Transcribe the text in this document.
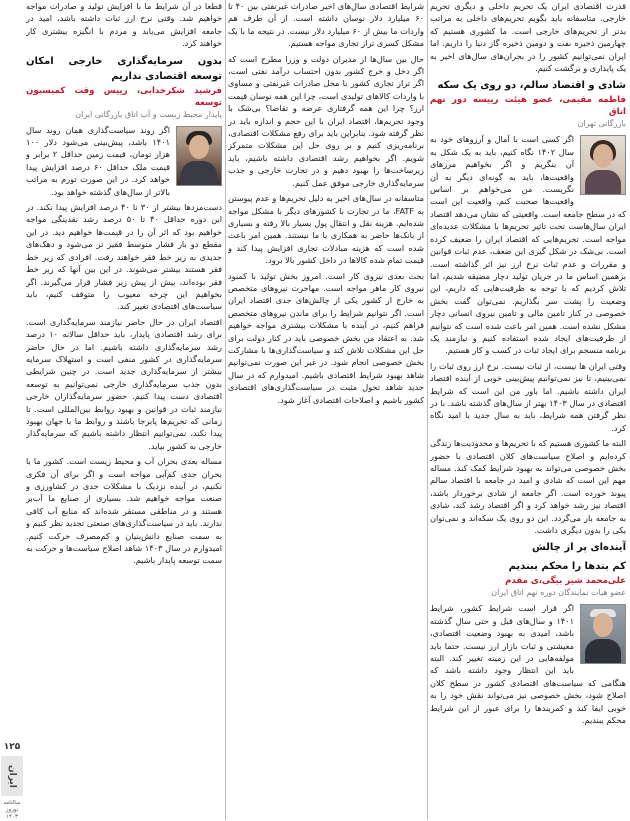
۱۲۵
ایران
سالنامه نوروز ۱۴۰۳

قدرت اقتصادی ایران یک تحریم داخلی و دیگری تحریم خارجی. متاسفانه باید بگویم تحریم‌های داخلی به مراتب بدتر از تحریم‌های خارجی است. ما کشوری هستیم که چهارمین ذخیره نفت و دومین ذخیره گاز دنیا را داریم. اما ایران نمی‌توانیم کشور را در بحران‌های سال‌های اخیر به یک پایداری و برگشت کنیم.

شادی و اقتصاد سالم، دو روی یک سکه
فاطمه مقیمی، عضو هیئت رییسه دور نهم اتاق
بازرگانی تهران

اگر کسی است با آمال و آرزوهای خود به سال ۱۴۰۲ نگاه کنیم، باید به یک شکل به آن بنگریم و اگر بخواهیم مرزهای واقعیت‌ها، باید به گونه‌ای دیگر به آن نگریست. من می‌خواهم بر اساس واقعیت‌ها صحبت کنم. واقعیت این است که در سطح جامعه است. واقعیتی که نشان می‌دهد اقتصاد ایران سال‌هاست تحت تاثیر تحریم‌ها با مشکلات عدیده‌ای مواجه است. تحریم‌هایی که اقتصاد ایران را ضعیف کرده است. بی‌شک در شکل گیری این ضعف، عدم ثبات قوانین و مقررات و عدم ثبات نرخ ارز نیز اثر گذاشته است. برهمین اساس ما در جریان تولید دچار مضیقه شدیم، اما تلاش کردیم که با توجه به ظرفیت‌هایی که داریم، این وضعیت را پشت سر بگذاریم. نمی‌توان گفت بخش خصوصی در کنار تامین مالی و تامین نیروی انسانی دچار مشکل نشده است. همین امر باعث شده است که نتوانیم از ظرفیت‌های ایجاد شده استفاده کنیم و نیازمند یک برنامه منسجم برای ایجاد ثبات در کسب و کار هستیم.

وقتی ایران ها نیست، از ثبات نیست. نرخ ارز روی ثبات را نمی‌بینیم، تا نیز نمی‌توانیم پیش‌بینی خوبی از آینده اقتصاد ایران داشته باشیم. اما باور من این است که شرایط اقتصادی در سال ۱۴۰۳ بهتر از سال‌های گذشته باشد. با در نظر گرفتن همه شرایط، باید به سال جدید با امید نگاه کرد.

البته ما کشوری هستیم که با تحریم‌ها و محدودیت‌ها زندگی کرده‌ایم و اصلاح سیاست‌های کلان اقتصادی با حضور بخش خصوصی می‌تواند به بهبود شرایط کمک کند. مساله مهم این است که شادی و امید در جامعه با اقتصاد سالم پیوند خورده است. اگر جامعه از شادی برخوردار باشد، اقتصاد نیز رشد خواهد کرد و اگر اقتصاد رشد کند، شادی به جامعه باز می‌گردد. این دو روی یک سکه‌اند و نمی‌توان یکی را بدون دیگری داشت.

آینده‌ای پر از چالش
کم بندها را محکم ببندیم
علی‌محمد شیر بیگی،ی مقدم
عضو هیات نمایندگان دوره نهم اتاق ایران

اگر قرار است شرایط کشور، شرایط ۱۴۰۱ و سال‌های قبل و حتی سال گذشته باشد، امیدی به بهبود وضعیت اقتصادی، معیشتی و ثبات بازار ارز نیست. حتما باید مولفه‌هایی در این زمینه تغییر کند. البته باید این انتظار وجود داشته باشد که هنگامی که سیاست‌های اقتصادی کشور در سطح کلان اصلاح شود، بخش خصوصی نیز می‌تواند نقش خود را به خوبی ایفا کند و کمربندها را برای عبور از این شرایط محکم ببندیم.

شرایط اقتصادی سال‌های اخیر صادرات غیرنفتی بین ۴۰ تا ۶۰ میلیارد دلار نوسان داشته است. از آن طرف هم واردات ما بیش از ۶۰ میلیارد دلار نیست. در نتیجه ما با یک مشکل کسری تراز تجاری مواجه هستیم.

حال بین سال‌ها از مدیران دولت و وزرا مطرح است که اگر دخل و خرج کشور بدون احتساب درآمد نفتی است، اگر تراز تجاری کشور با محل صادرات غیرنفتی و مساوی با واردات کالاهای تولیدی است، چرا این همه نوسان قیمت ارز؟ چرا این همه گرفتاری عرضه و تقاضا؟ بی‌شک با وجود تحریم‌ها، اقتصاد ایران با این حجم و اندازه باید در نظر گرفته شود. بنابراین باید برای رفع مشکلات اقتصادی، برنامه‌ریزی کنیم و بر روی حل این مشکلات متمرکز شویم. اگر بخواهیم رشد اقتصادی داشته باشیم، باید زیرساخت‌ها را بهبود دهیم و در تجارت خارجی و جذب سرمایه‌گذاری خارجی موفق عمل کنیم.

متاسفانه در سال‌های اخیر به دلیل تحریم‌ها و عدم پیوستن به FATF، ما در تجارت با کشورهای دیگر با مشکل مواجه شده‌ایم. هزینه نقل و انتقال پول بسیار بالا رفته و بسیاری از بانک‌ها حاضر به همکاری با ما نیستند. همین امر باعث شده است که هزینه مبادلات تجاری افزایش پیدا کند و قیمت تمام شده کالاها در داخل کشور بالا برود.

بحث بعدی نیروی کار است. امروز بخش تولید با کمبود نیروی کار ماهر مواجه است. مهاجرت نیروهای متخصص به خارج از کشور یکی از چالش‌های جدی اقتصاد ایران است. اگر نتوانیم شرایط را برای ماندن نیروهای متخصص فراهم کنیم، در آینده با مشکلات بیشتری مواجه خواهیم شد. به اعتقاد من بخش خصوصی باید در کنار دولت برای حل این مشکلات تلاش کند و سیاست‌گذاری‌ها با مشارکت بخش خصوصی انجام شود. در غیر این صورت نمی‌توانیم شاهد بهبود شرایط اقتصادی باشیم. امیدوارم که در سال جدید شاهد تحول مثبت در سیاست‌گذاری‌های اقتصادی کشور باشیم و اصلاحات اقتصادی آغاز شود.

قطعا در آن شرایط ما با افزایش تولید و صادرات مواجه خواهیم شد. وقتی نرخ ارز ثبات داشته باشد، امید در جامعه افزایش می‌یابد و مردم با انگیزه بیشتری کار خواهند کرد.

بدون سرمایه‌گذاری خارجی امکان توسعه اقتصادی نداریم
فرشید شکرخدایی، رییس وقت کمیسیون توسعه
پایدار محیط زیست و آب اتاق بازرگانی ایران

اگر روند سیاست‌گذاری همان روند سال ۱۴۰۱ باشد، پیش‌بینی می‌شود دلار ۱۰۰ هزار تومان، قیمت زمین حداقل ۲ برابر و قیمت ملک حداقل ۶۰ درصد افزایش پیدا خواهد کرد. در این صورت تورم به مراتب بالاتر از سال‌های گذشته خواهد بود.

دست‌مزدها بیشتر از ۳۰ تا ۴۰ درصد افزایش پیدا نکند. در این دوره حداقل ۴۰ تا ۵۰ درصد رشد نقدینگی مواجه خواهیم بود که اثر آن را در قیمت‌ها خواهیم دید. در این مقطع دو بار فشار متوسط فقیر تر می‌شود و دهک‌های جدیدی به زیر خط فقر خواهند رفت. افرادی که زیر خط فقر هستند بیشتر می‌شوند. در این بین آنها که زیر خط فقر بوده‌اند، بیش از پیش زیر فشار قرار می‌گیرند. اگر بخواهیم این چرخه معیوب را متوقف کنیم، باید سیاست‌های اقتصادی تغییر کند.

اقتصاد ایران در حال حاضر نیازمند سرمایه‌گذاری است. برای رشد اقتصادی پایدار، باید حداقل سالانه ۱۰ درصد رشد سرمایه‌گذاری داشته باشیم. اما در حال حاضر سرمایه‌گذاری در کشور منفی است و استهلاک سرمایه بیشتر از سرمایه‌گذاری جدید است. در چنین شرایطی بدون جذب سرمایه‌گذاری خارجی نمی‌توانیم به توسعه اقتصادی دست پیدا کنیم. حضور سرمایه‌گذاران خارجی نیازمند ثبات در قوانین و بهبود روابط بین‌المللی است. تا زمانی که تحریم‌ها پابرجا باشند و روابط ما با جهان بهبود پیدا نکند، نمی‌توانیم انتظار داشته باشیم که سرمایه‌گذار خارجی به کشور بیاید.

مساله بعدی بحران آب و محیط زیست است. کشور ما با بحران جدی کم‌آبی مواجه است و اگر برای آن فکری نکنیم، در آینده نزدیک با مشکلات جدی در کشاورزی و صنعت مواجه خواهیم شد. بسیاری از صنایع ما آب‌بر هستند و در مناطقی مستقر شده‌اند که منابع آب کافی ندارند. باید در سیاست‌گذاری‌های صنعتی تجدید نظر کنیم و به سمت صنایع دانش‌بنیان و کم‌مصرف حرکت کنیم. امیدوارم در سال ۱۴۰۳ شاهد اصلاح سیاست‌ها و حرکت به سمت توسعه پایدار باشیم.
